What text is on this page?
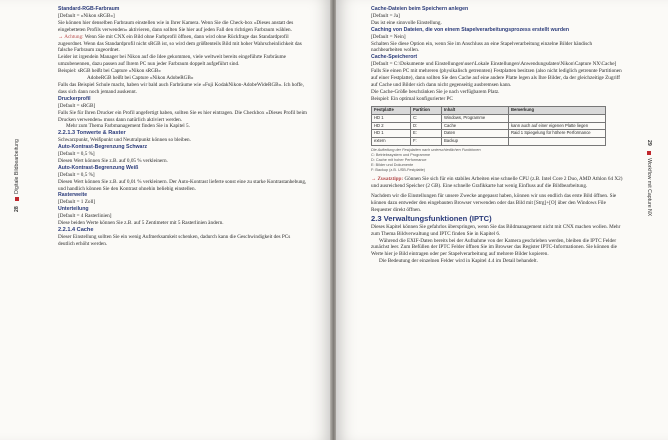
28   Digitale Bildbearbeitung

Standard-RGB-Farbraum

[Default = «Nikon sRGB»]

Sie können hier denselben Farbraum einstellen wie in Ihrer Kamera. Wenn Sie die Check-box «Dieses anstatt des eingebetteten Profils verwenden» aktivieren, dann sollten Sie hier auf jeden Fall den richtigen Farbraum wählen.

→ Achtung: Wenn Sie mit CNX ein Bild ohne Farbprofil öffnen, dann wird ohne Rückfrage das Standardprofil zugeordnet. Wenn das Standardprofil nicht sRGB ist, so wird dem größtenteils Bild mit hoher Wahrscheinlichkeit das falsche Farbraum zugeordnet.

Leider ist irgendein Manager bei Nikon auf die Idee gekommen, viele weltweit bereits eingeführte Farbräume umzubenennen, dazu passen auf Ihrem PC nun jeder Farbraum doppelt aufgeführt sind.

Beispiel: sRGB heißt bei Capture «Nikon sRGB»

AdobeRGB heißt bei Capture «Nikon AdobeRGB»

Falls das Beispiel Schule macht, haben wir bald auch Farbräume wie «Fuji KodakNikon-AdobeWideRGB». Ich hoffe, dass sich dann noch jemand auskennt.

Druckerprofil

[Default = sRGB]

Falls Sie für Ihren Drucker ein Profil angefertigt haben, sollten Sie es hier eintragen. Die Checkbox «Dieses Profil beim Drucken verwenden» muss dann natürlich aktiviert werden.

Mehr zum Thema Farbmanagement finden Sie in Kapitel 5.

2.2.1.3 Tonwerte & Raster

Schwarzpunkt, Weißpunkt und Neutralpunkt können so bleiben.

Auto-Kontrast-Begrenzung Schwarz

[Default = 0,5 %]

Diesen Wert können Sie z.B. auf 0,05 % verkleinern.

Auto-Kontrast-Begrenzung Weiß

[Default = 0,5 %]

Diesen Wert können Sie z.B. auf 0,01 % verkleinern. Der Auto-Kontrast lieferte sonst eine zu starke Kontrastanhebung, und handlich können Sie den Kontrast ohnehin beliebig einstellen.

Rasterweite

[Default = 1 Zoll]

Unterteilung

[Default = 4 Rasterlinien]

Diese beiden Werte können Sie z.B. auf 5 Zentimeter mit 5 Rasterlinien ändern.

2.2.1.4 Cache

Dieser Einstellung sollten Sie ein wenig Aufmerksamkeit schenken, dadurch kann die Geschwindigkeit des PCs deutlich erhöht werden.

29   Workflow mit Capture NX

Cache-Dateien beim Speichern anlegen

[Default = Ja]

Das ist eine sinnvolle Einstellung.

Caching von Dateien, die von einem Stapelverarbeitungsprozess erstellt wurden

[Default = Nein]

Schalten Sie diese Option ein, wenn Sie im Anschluss an eine Stapelverarbeitung einzelne Bilder händisch nachbearbeiten wollen.

Cache-Speicherort

[Default = C:\Dokumente und Einstellungen\user\Lokale Einstellungen\Anwendungsdaten\Nikon\Capture NX\Cache]

Falls Sie einen PC mit mehreren (physikalisch getrennten) Festplatten besitzen (also nicht lediglich getrennte Partitionen auf einer Festplatte), dann sollten Sie den Cache auf eine andere Platte legen als Ihre Bilder, da der gleichzeitige Zugriff auf Cache und Bilder sich dann nicht gegenseitig ausbremsen kann.

Die Cache-Größe beschränken Sie je nach verfügbarem Platz.

Beispiel: Ein optimal konfigurierter PC

Festplatte	Partition	Inhalt	Bemerkung
HD 1	C:	Windows, Programme	
HD 2	D:	Cache	kann auch auf einer eigenen Platte liegen
HD 1	E:	Daten	Raid 1 Spiegelung für höhere Performance
extern	F:	Backup	

Die Aufteilung der Festplatten nach unterschiedlichen Funktionen

C: Betriebssystem und Programme

D: Cache mit hoher Performance

E: Bilder und Dokumente

F: Backup (z.B. USB-Festplatte)

→ Zusatztipp: Gönnen Sie sich für ein stabiles Arbeiten eine schnelle CPU (z.B. Intel Core 2 Duo, AMD Athlon 64 X2) und ausreichend Speicher (2 GB). Eine schnelle Grafikkarte hat wenig Einfluss auf die Bildbearbeitung.

Nachdem wir die Einstellungen für unsere Zwecke angepasst haben, können wir uns endlich das erste Bild öffnen. Sie können dazu entweder den eingebauten Browser verwenden oder das Bild mit [Strg]+[O] über den Windows File Requester direkt öffnen.

2.3 Verwaltungsfunktionen (IPTC)

Dieses Kapitel können Sie gefahrlos überspringen, wenn Sie das Bildmanagement nicht mit CNX machen wollen. Mehr zum Thema Bildverwaltung und IPTC finden Sie in Kapitel 6.

Während die EXIF-Daten bereits bei der Aufnahme von der Kamera geschrieben werden, bleiben die IPTC Felder zunächst leer. Zum Befüllen der IPTC Felder öffnen Sie im Browser das Register IPTC-Informationen. Sie können die Werte hier je Bild eintragen oder per Stapelverarbeitung auf mehrere Bilder kopieren.

Die Bedeutung der einzelnen Felder wird in Kapitel 4.4 im Detail behandelt.
